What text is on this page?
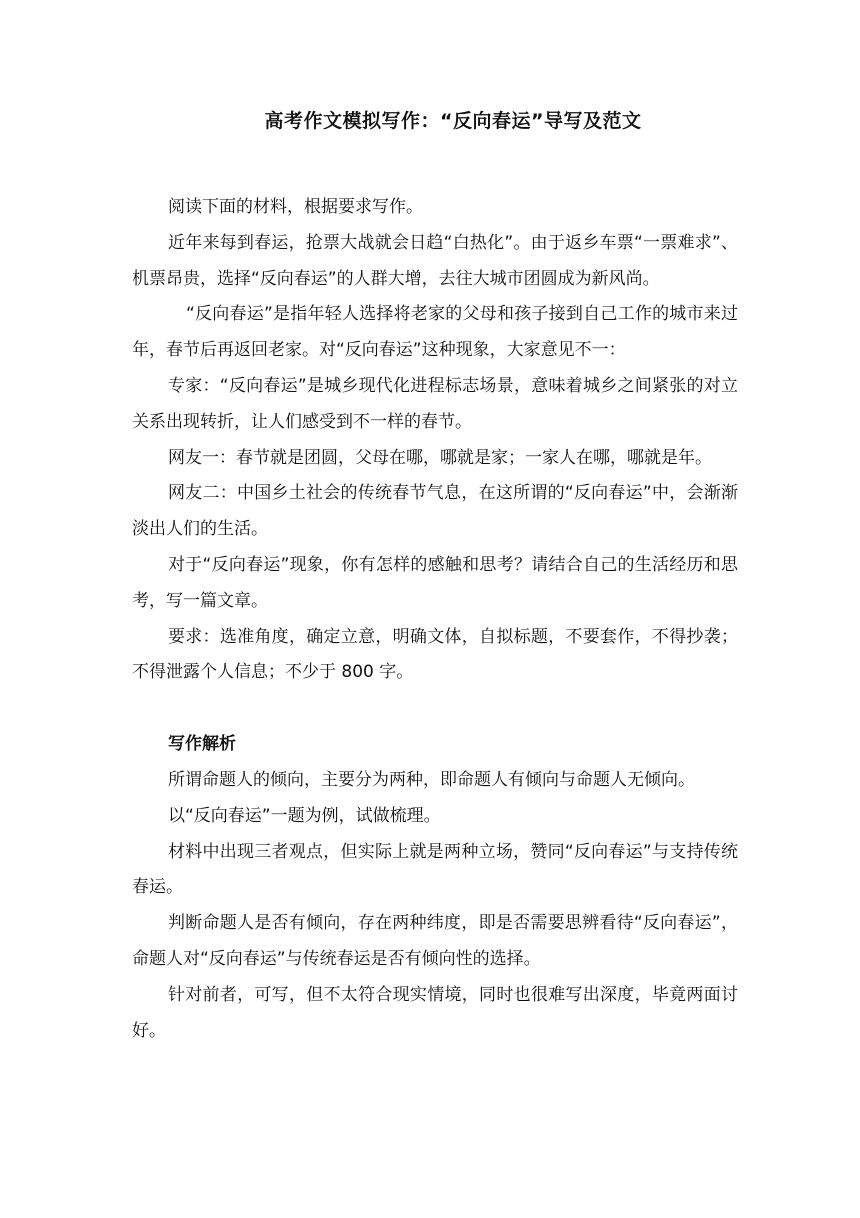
高考作文模拟写作：“反向春运”导写及范文

阅读下面的材料，根据要求写作。

近年来每到春运，抢票大战就会日趋“白热化”。由于返乡车票“一票难求”、机票昂贵，选择“反向春运”的人群大增，去往大城市团圆成为新风尚。

“反向春运”是指年轻人选择将老家的父母和孩子接到自己工作的城市来过年，春节后再返回老家。对“反向春运”这种现象，大家意见不一：

专家：“反向春运”是城乡现代化进程标志场景，意味着城乡之间紧张的对立关系出现转折，让人们感受到不一样的春节。

网友一：春节就是团圆，父母在哪，哪就是家；一家人在哪，哪就是年。

网友二：中国乡土社会的传统春节气息，在这所谓的“反向春运”中，会渐渐淡出人们的生活。

对于“反向春运”现象，你有怎样的感触和思考？请结合自己的生活经历和思考，写一篇文章。

要求：选准角度，确定立意，明确文体，自拟标题，不要套作，不得抄袭；不得泄露个人信息；不少于 800 字。

写作解析

所谓命题人的倾向，主要分为两种，即命题人有倾向与命题人无倾向。

以“反向春运”一题为例，试做梳理。

材料中出现三者观点，但实际上就是两种立场，赞同“反向春运”与支持传统春运。

判断命题人是否有倾向，存在两种纬度，即是否需要思辨看待“反向春运”，命题人对“反向春运”与传统春运是否有倾向性的选择。

针对前者，可写，但不太符合现实情境，同时也很难写出深度，毕竟两面讨好。
